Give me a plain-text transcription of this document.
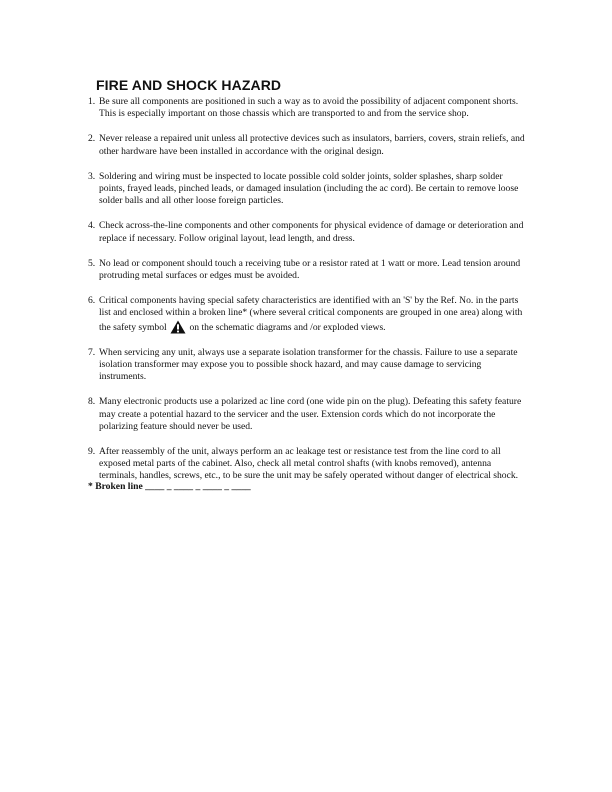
FIRE AND SHOCK HAZARD
1. Be sure all components are positioned in such a way as to avoid the possibility of adjacent component shorts. This is especially important on those chassis which are transported to and from the service shop.
2. Never release a repaired unit unless all protective devices such as insulators, barriers, covers, strain reliefs, and other hardware have been installed in accordance with the original design.
3. Soldering and wiring must be inspected to locate possible cold solder joints, solder splashes, sharp solder points, frayed leads, pinched leads, or damaged insulation (including the ac cord). Be certain to remove loose solder balls and all other loose foreign particles.
4. Check across-the-line components and other components for physical evidence of damage or deterioration and replace if necessary. Follow original layout, lead length, and dress.
5. No lead or component should touch a receiving tube or a resistor rated at 1 watt or more. Lead tension around protruding metal surfaces or edges must be avoided.
6. Critical components having special safety characteristics are identified with an 'S' by the Ref. No. in the parts list and enclosed within a broken line* (where several critical components are grouped in one area) along with the safety symbol on the schematic diagrams and /or exploded views.
7. When servicing any unit, always use a separate isolation transformer for the chassis. Failure to use a separate isolation transformer may expose you to possible shock hazard, and may cause damage to servicing instruments.
8. Many electronic products use a polarized ac line cord (one wide pin on the plug). Defeating this safety feature may create a potential hazard to the servicer and the user. Extension cords which do not incorporate the polarizing feature should never be used.
9. After reassembly of the unit, always perform an ac leakage test or resistance test from the line cord to all exposed metal parts of the cabinet. Also, check all metal control shafts (with knobs removed), antenna terminals, handles, screws, etc., to be sure the unit may be safely operated without danger of electrical shock.

* Broken line ____ _ ____ _ ____ _ ____
